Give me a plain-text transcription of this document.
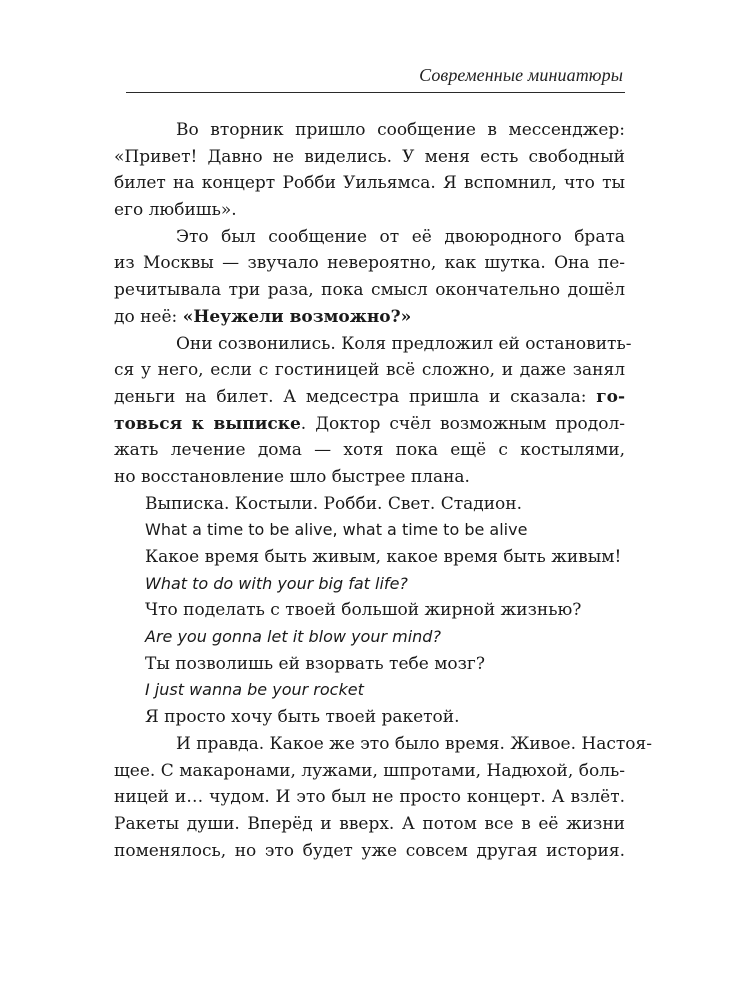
Современные миниатюры
Во вторник пришло сообщение в мессенджер:
«Привет! Давно не виделись. У меня есть свободный
билет на концерт Робби Уильямса. Я вспомнил, что ты
его любишь».
Это был сообщение от её двоюродного брата
из Москвы — звучало невероятно, как шутка. Она пе-
речитывала три раза, пока смысл окончательно дошёл
до неё: «Неужели возможно?»
Они созвонились. Коля предложил ей остановить-
ся у него, если с гостиницей всё сложно, и даже занял
деньги на билет. А медсестра пришла и сказала: го-
товься к выписке. Доктор счёл возможным продол-
жать лечение дома — хотя пока ещё с костылями,
но восстановление шло быстрее плана.
Выписка. Костыли. Робби. Свет. Стадион.
What a time to be alive, what a time to be alive
Какое время быть живым, какое время быть живым!
What to do with your big fat life?
Что поделать с твоей большой жирной жизнью?
Are you gonna let it blow your mind?
Ты позволишь ей взорвать тебе мозг?
I just wanna be your rocket
Я просто хочу быть твоей ракетой.
И правда. Какое же это было время. Живое. Настоя-
щее. С макаронами, лужами, шпротами, Надюхой, боль-
ницей и… чудом. И это был не просто концерт. А взлёт.
Ракеты души. Вперёд и вверх. А потом все в её жизни
поменялось, но это будет уже совсем другая история.
